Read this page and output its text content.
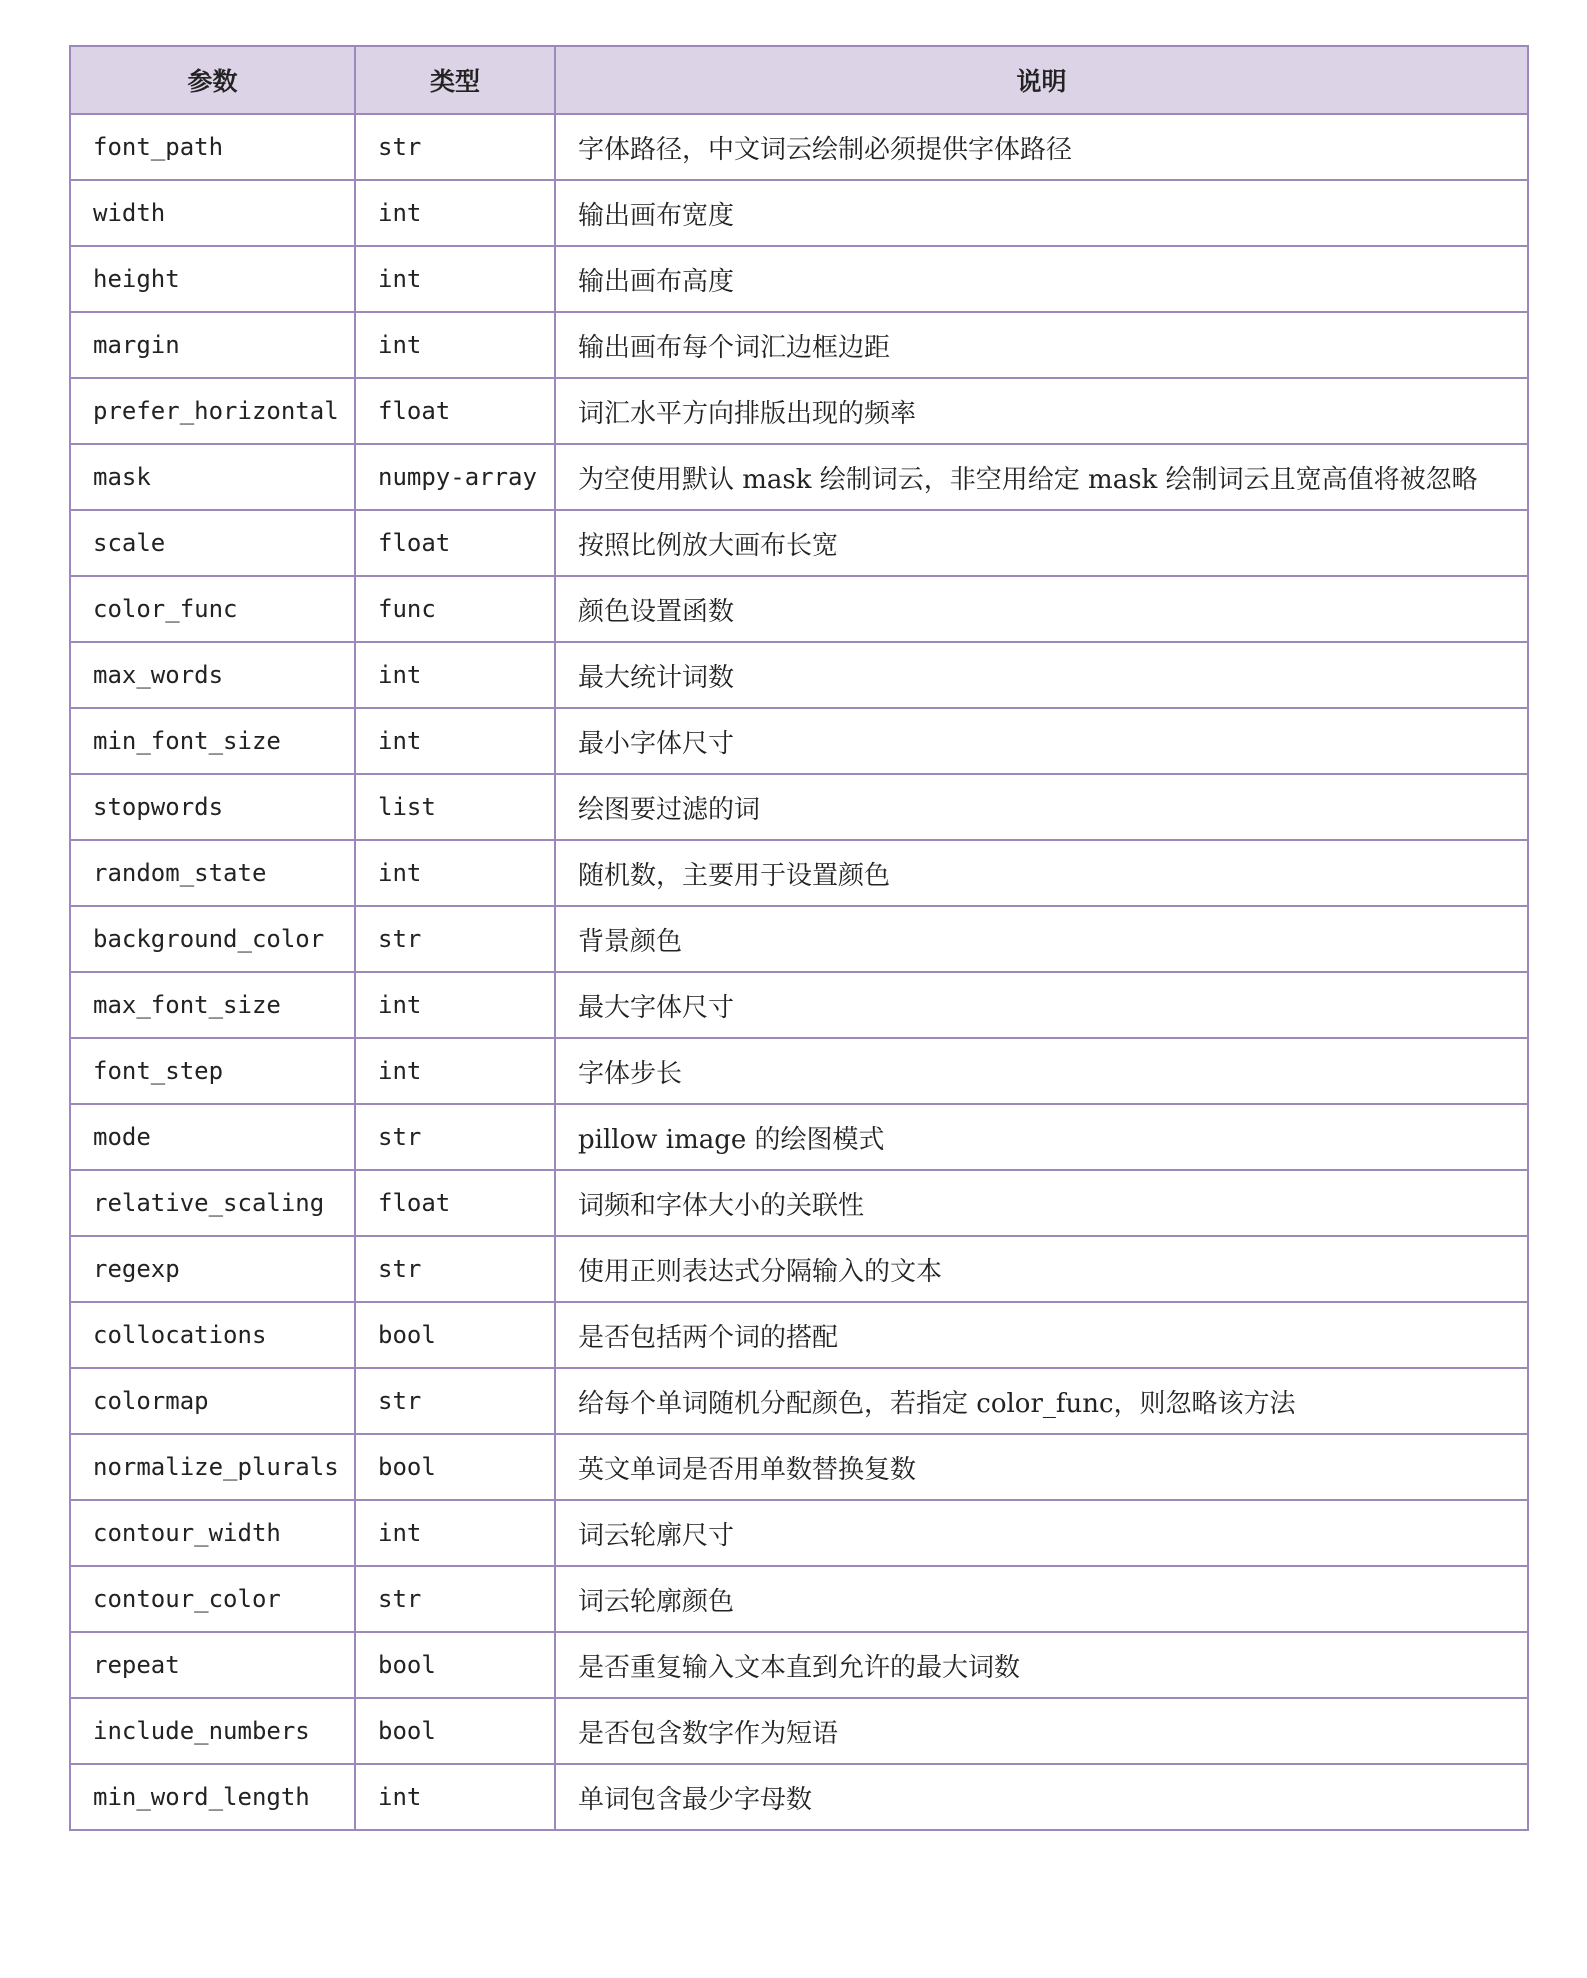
参数	类型	说明
font_path	str	字体路径，中文词云绘制必须提供字体路径
width	int	输出画布宽度
height	int	输出画布高度
margin	int	输出画布每个词汇边框边距
prefer_horizontal	float	词汇水平方向排版出现的频率
mask	numpy-array	为空使用默认 mask 绘制词云，非空用给定 mask 绘制词云且宽高值将被忽略
scale	float	按照比例放大画布长宽
color_func	func	颜色设置函数
max_words	int	最大统计词数
min_font_size	int	最小字体尺寸
stopwords	list	绘图要过滤的词
random_state	int	随机数，主要用于设置颜色
background_color	str	背景颜色
max_font_size	int	最大字体尺寸
font_step	int	字体步长
mode	str	pillow image 的绘图模式
relative_scaling	float	词频和字体大小的关联性
regexp	str	使用正则表达式分隔输入的文本
collocations	bool	是否包括两个词的搭配
colormap	str	给每个单词随机分配颜色，若指定 color_func，则忽略该方法
normalize_plurals	bool	英文单词是否用单数替换复数
contour_width	int	词云轮廓尺寸
contour_color	str	词云轮廓颜色
repeat	bool	是否重复输入文本直到允许的最大词数
include_numbers	bool	是否包含数字作为短语
min_word_length	int	单词包含最少字母数
